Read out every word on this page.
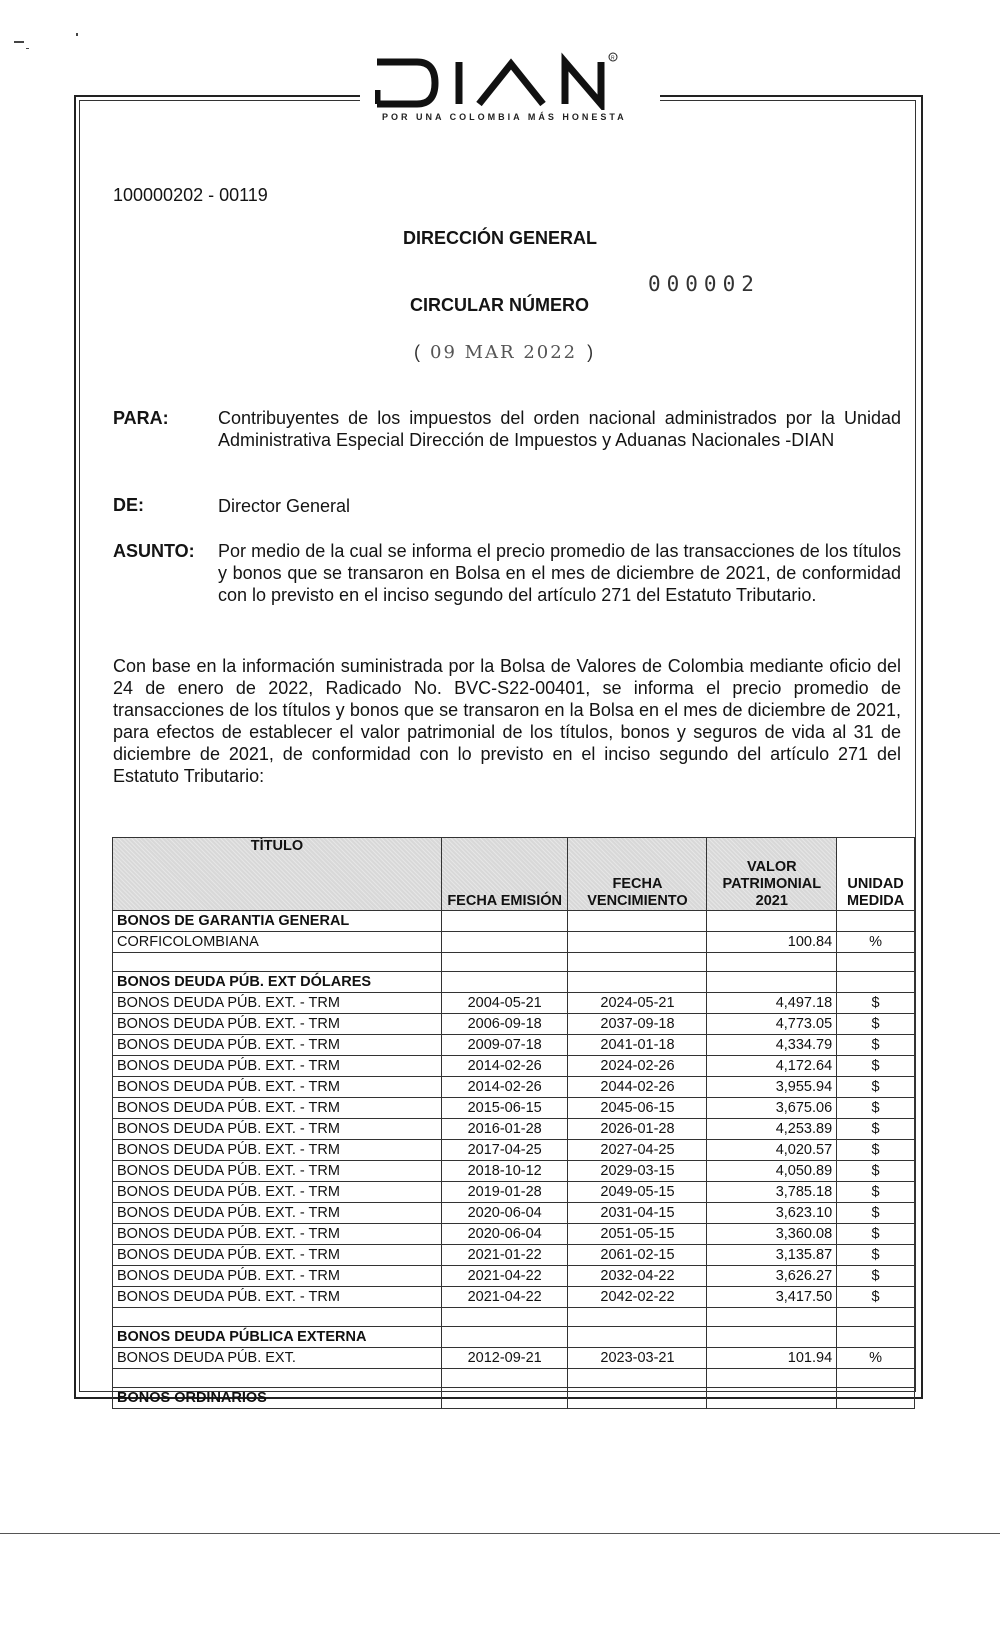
R
POR UNA COLOMBIA MÁS HONESTA
100000202 - 00119
DIRECCIÓN GENERAL
CIRCULAR NÚMERO
000002
(  09 MAR 2022  )
PARA:	Contribuyentes de los impuestos del orden nacional administrados por la Unidad Administrativa Especial Dirección de Impuestos y Aduanas Nacionales -DIAN
DE:	Director General
ASUNTO: Por medio de la cual se informa el precio promedio de las transacciones de los títulos y bonos que se transaron en Bolsa en el mes de diciembre de 2021, de conformidad con lo previsto en el inciso segundo del artículo 271 del Estatuto Tributario.
Con base en la información suministrada por la Bolsa de Valores de Colombia mediante oficio del 24 de enero de 2022, Radicado No. BVC-S22-00401, se informa el precio promedio de transacciones de los títulos y bonos que se transaron en la Bolsa en el mes de diciembre de 2021, para efectos de establecer el valor patrimonial de los títulos, bonos y seguros de vida al 31 de diciembre de 2021, de conformidad con lo previsto en el inciso segundo del artículo 271 del Estatuto Tributario:
TÍTULO	FECHA EMISIÓN	FECHA VENCIMIENTO	VALOR PATRIMONIAL 2021	UNIDAD MEDIDA
BONOS DE GARANTIA GENERAL				
CORFICOLOMBIANA			100.84	%

BONOS DEUDA PÚB. EXT DÓLARES				
BONOS DEUDA PÚB. EXT. - TRM	2004-05-21	2024-05-21	4,497.18	$
BONOS DEUDA PÚB. EXT. - TRM	2006-09-18	2037-09-18	4,773.05	$
BONOS DEUDA PÚB. EXT. - TRM	2009-07-18	2041-01-18	4,334.79	$
BONOS DEUDA PÚB. EXT. - TRM	2014-02-26	2024-02-26	4,172.64	$
BONOS DEUDA PÚB. EXT. - TRM	2014-02-26	2044-02-26	3,955.94	$
BONOS DEUDA PÚB. EXT. - TRM	2015-06-15	2045-06-15	3,675.06	$
BONOS DEUDA PÚB. EXT. - TRM	2016-01-28	2026-01-28	4,253.89	$
BONOS DEUDA PÚB. EXT. - TRM	2017-04-25	2027-04-25	4,020.57	$
BONOS DEUDA PÚB. EXT. - TRM	2018-10-12	2029-03-15	4,050.89	$
BONOS DEUDA PÚB. EXT. - TRM	2019-01-28	2049-05-15	3,785.18	$
BONOS DEUDA PÚB. EXT. - TRM	2020-06-04	2031-04-15	3,623.10	$
BONOS DEUDA PÚB. EXT. - TRM	2020-06-04	2051-05-15	3,360.08	$
BONOS DEUDA PÚB. EXT. - TRM	2021-01-22	2061-02-15	3,135.87	$
BONOS DEUDA PÚB. EXT. - TRM	2021-04-22	2032-04-22	3,626.27	$
BONOS DEUDA PÚB. EXT. - TRM	2021-04-22	2042-02-22	3,417.50	$

BONOS DEUDA PÚBLICA EXTERNA				
BONOS DEUDA PÚB. EXT.	2012-09-21	2023-03-21	101.94	%

BONOS ORDINARIOS				
